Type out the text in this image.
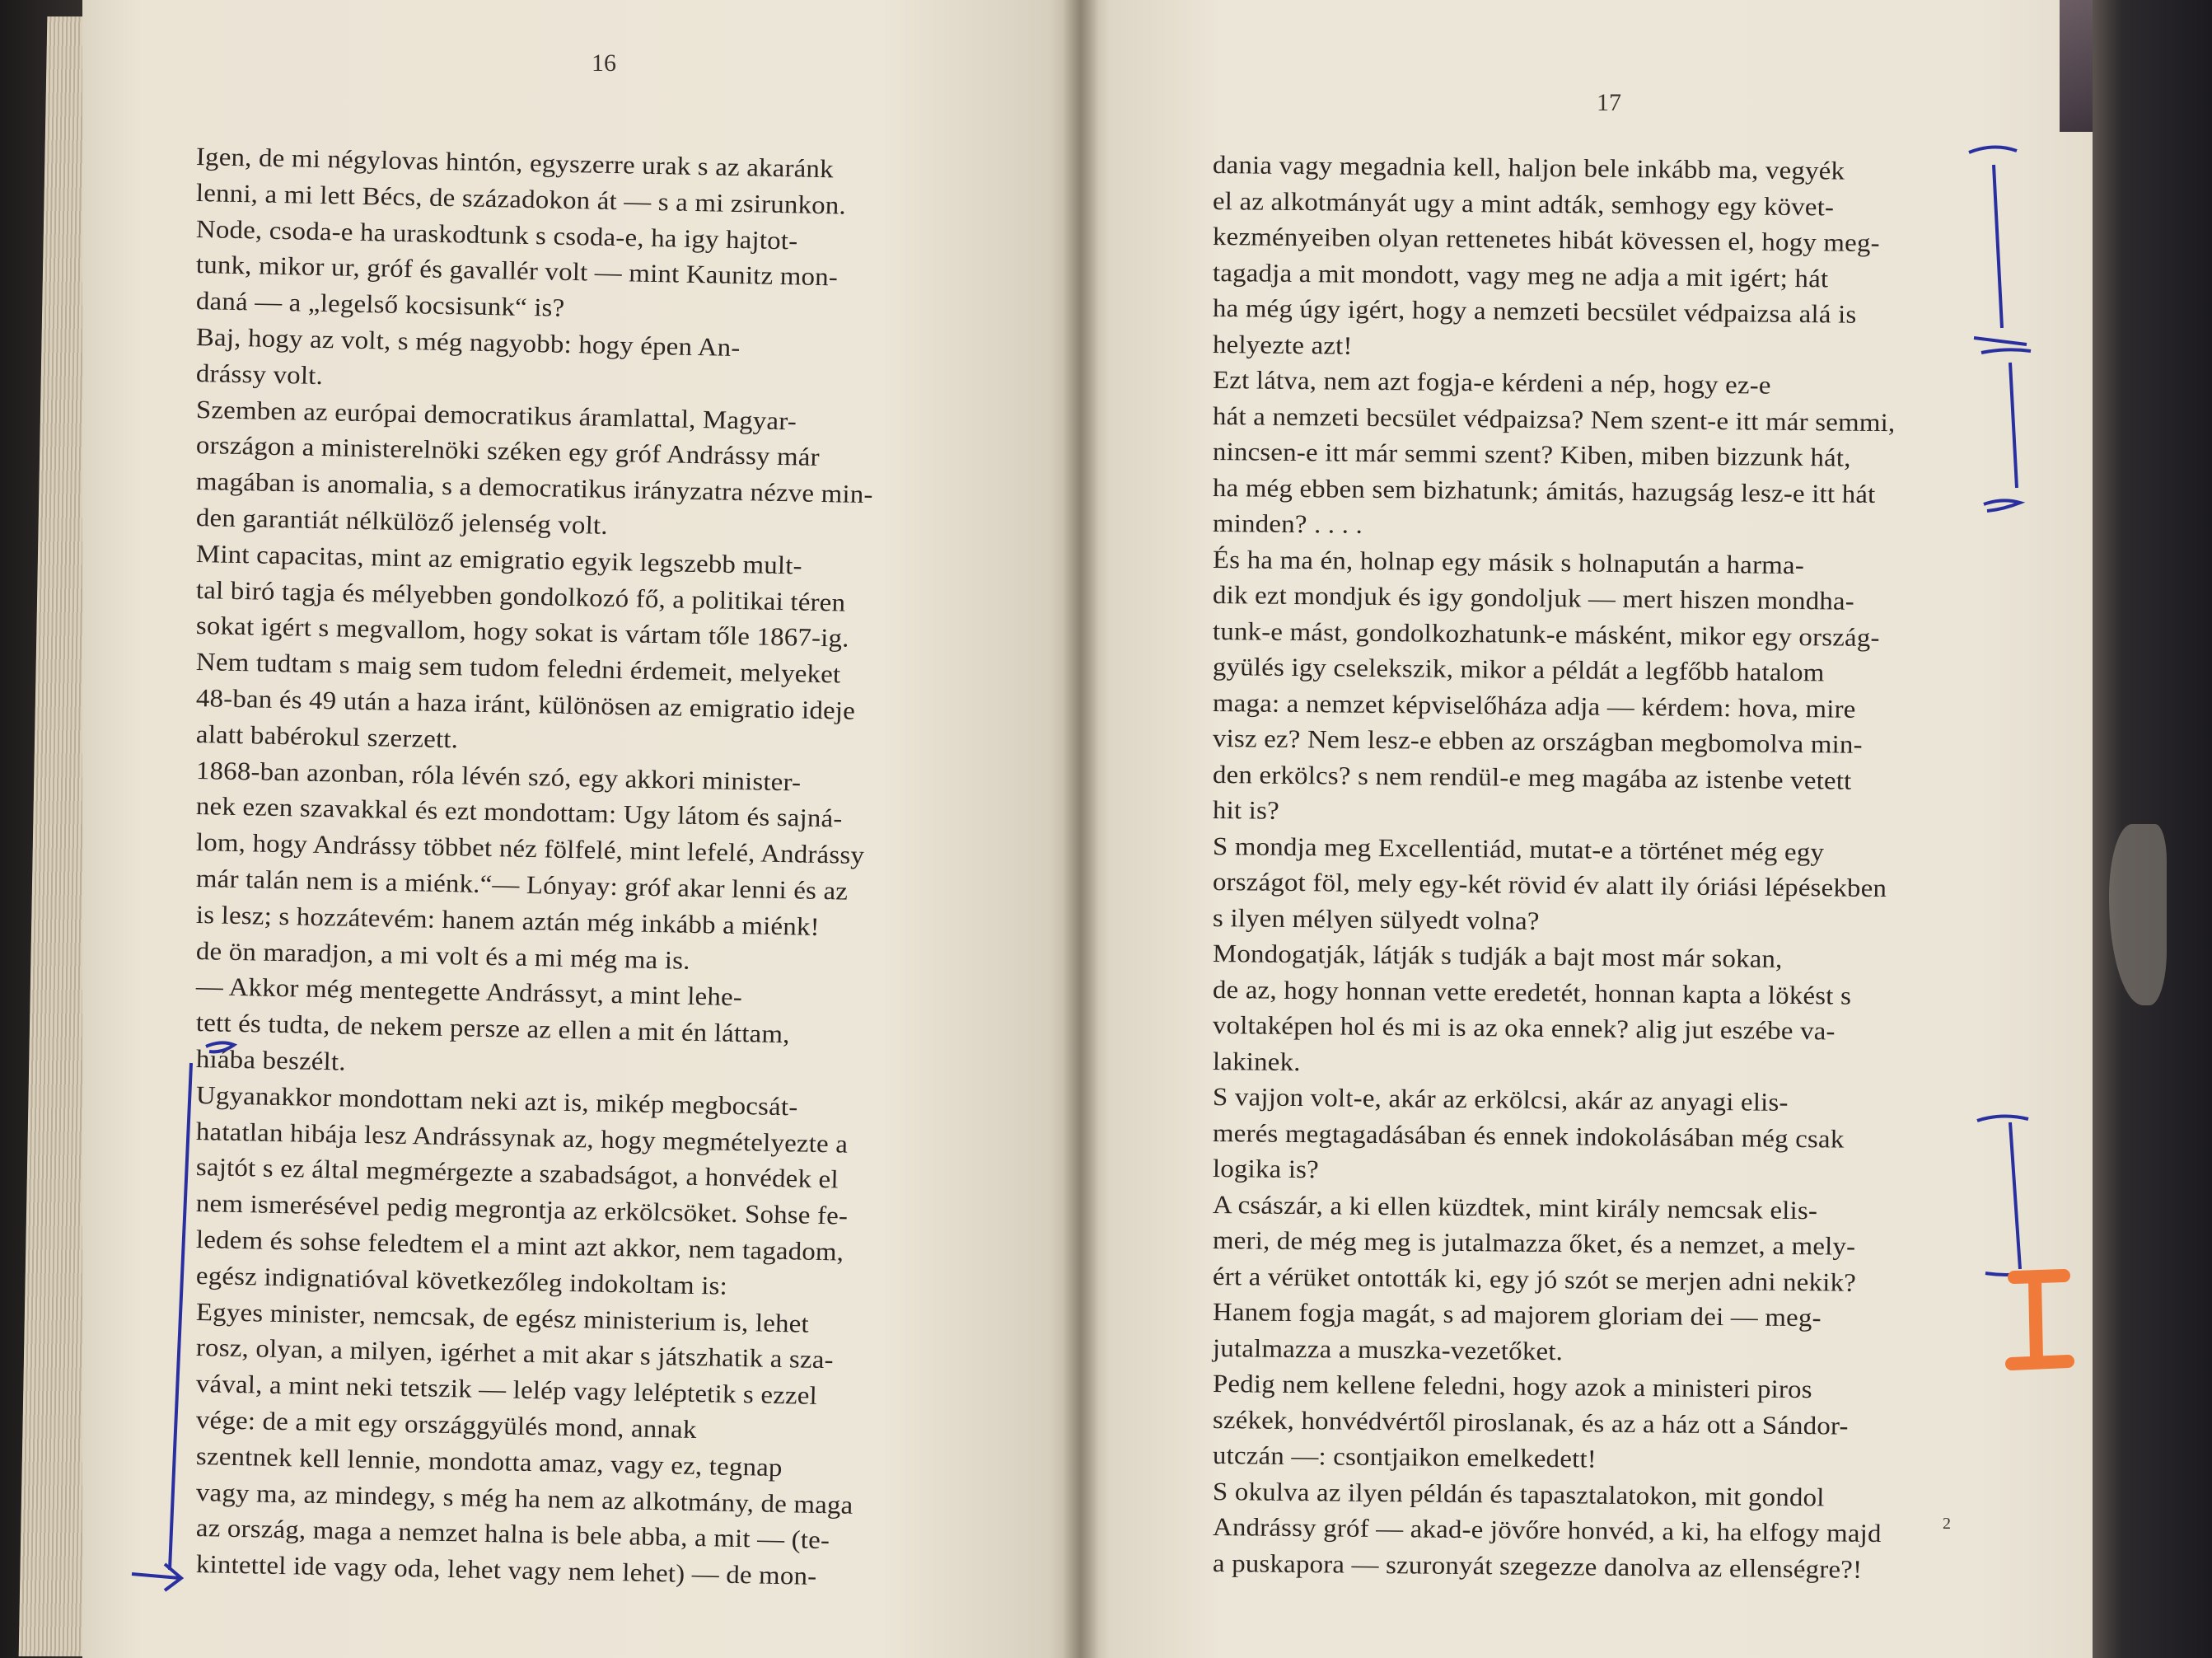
16
17
Igen, de mi négylovas hintón, egyszerre urak s az akaránk
lenni, a mi lett Bécs, de századokon át — s a mi zsirunkon.
Node, csoda-e ha uraskodtunk s csoda-e, ha igy hajtot-
tunk, mikor ur, gróf és gavallér volt — mint Kaunitz mon-
daná — a „legelső kocsisunk“ is?
Baj, hogy az volt, s még nagyobb: hogy épen An-
drássy volt.
Szemben az európai democratikus áramlattal, Magyar-
országon a ministerelnöki széken egy gróf Andrássy már
magában is anomalia, s a democratikus irányzatra nézve min-
den garantiát nélkülöző jelenség volt.
Mint capacitas, mint az emigratio egyik legszebb mult-
tal biró tagja és mélyebben gondolkozó fő, a politikai téren
sokat igért s megvallom, hogy sokat is vártam tőle 1867-ig.
Nem tudtam s maig sem tudom feledni érdemeit, melyeket
48-ban és 49 után a haza iránt, különösen az emigratio ideje
alatt babérokul szerzett.
1868-ban azonban, róla lévén szó, egy akkori minister-
nek ezen szavakkal és ezt mondottam: Ugy látom és sajná-
lom, hogy Andrássy többet néz fölfelé, mint lefelé, Andrássy
már talán nem is a miénk.“— Lónyay: gróf akar lenni és az
is lesz; s hozzátevém: hanem aztán még inkább a miénk!
de ön maradjon, a mi volt és a mi még ma is.
— Akkor még mentegette Andrássyt, a mint lehe-
tett és tudta, de nekem persze az ellen a mit én láttam,
hiába beszélt.
Ugyanakkor mondottam neki azt is, mikép megbocsát-
hatatlan hibája lesz Andrássynak az, hogy megmételyezte a
sajtót s ez által megmérgezte a szabadságot, a honvédek el
nem ismerésével pedig megrontja az erkölcsöket. Sohse fe-
ledem és sohse feledtem el a mint azt akkor, nem tagadom,
egész indignatióval következőleg indokoltam is:
Egyes minister, nemcsak, de egész ministerium is, lehet
rosz, olyan, a milyen, igérhet a mit akar s játszhatik a sza-
vával, a mint neki tetszik — lelép vagy leléptetik s ezzel
vége: de a mit egy országgyülés mond, annak
szentnek kell lennie, mondotta amaz, vagy ez, tegnap
vagy ma, az mindegy, s még ha nem az alkotmány, de maga
az ország, maga a nemzet halna is bele abba, a mit — (te-
kintettel ide vagy oda, lehet vagy nem lehet) — de mon-
dania vagy megadnia kell, haljon bele inkább ma, vegyék
el az alkotmányát ugy a mint adták, semhogy egy követ-
kezményeiben olyan rettenetes hibát kövessen el, hogy meg-
tagadja a mit mondott, vagy meg ne adja a mit igért; hát
ha még úgy igért, hogy a nemzeti becsület védpaizsa alá is
helyezte azt!
Ezt látva, nem azt fogja-e kérdeni a nép, hogy ez-e
hát a nemzeti becsület védpaizsa? Nem szent-e itt már semmi,
nincsen-e itt már semmi szent? Kiben, miben bizzunk hát,
ha még ebben sem bizhatunk; ámitás, hazugság lesz-e itt hát
minden? . . . .
És ha ma én, holnap egy másik s holnapután a harma-
dik ezt mondjuk és igy gondoljuk — mert hiszen mondha-
tunk-e mást, gondolkozhatunk-e másként, mikor egy ország-
gyülés igy cselekszik, mikor a példát a legfőbb hatalom
maga: a nemzet képviselőháza adja — kérdem: hova, mire
visz ez? Nem lesz-e ebben az országban megbomolva min-
den erkölcs? s nem rendül-e meg magába az istenbe vetett
hit is?
S mondja meg Excellentiád, mutat-e a történet még egy
országot föl, mely egy-két rövid év alatt ily óriási lépésekben
s ilyen mélyen sülyedt volna?
Mondogatják, látják s tudják a bajt most már sokan,
de az, hogy honnan vette eredetét, honnan kapta a lökést s
voltaképen hol és mi is az oka ennek? alig jut eszébe va-
lakinek.
S vajjon volt-e, akár az erkölcsi, akár az anyagi elis-
merés megtagadásában és ennek indokolásában még csak
logika is?
A császár, a ki ellen küzdtek, mint király nemcsak elis-
meri, de még meg is jutalmazza őket, és a nemzet, a mely-
ért a vérüket ontották ki, egy jó szót se merjen adni nekik?
Hanem fogja magát, s ad majorem gloriam dei — meg-
jutalmazza a muszka-vezetőket.
Pedig nem kellene feledni, hogy azok a ministeri piros
székek, honvédvértől piroslanak, és az a ház ott a Sándor-
utczán —: csontjaikon emelkedett!
S okulva az ilyen példán és tapasztalatokon, mit gondol
Andrássy gróf — akad-e jövőre honvéd, a ki, ha elfogy majd
a puskapora — szuronyát szegezze danolva az ellenségre?!
2
